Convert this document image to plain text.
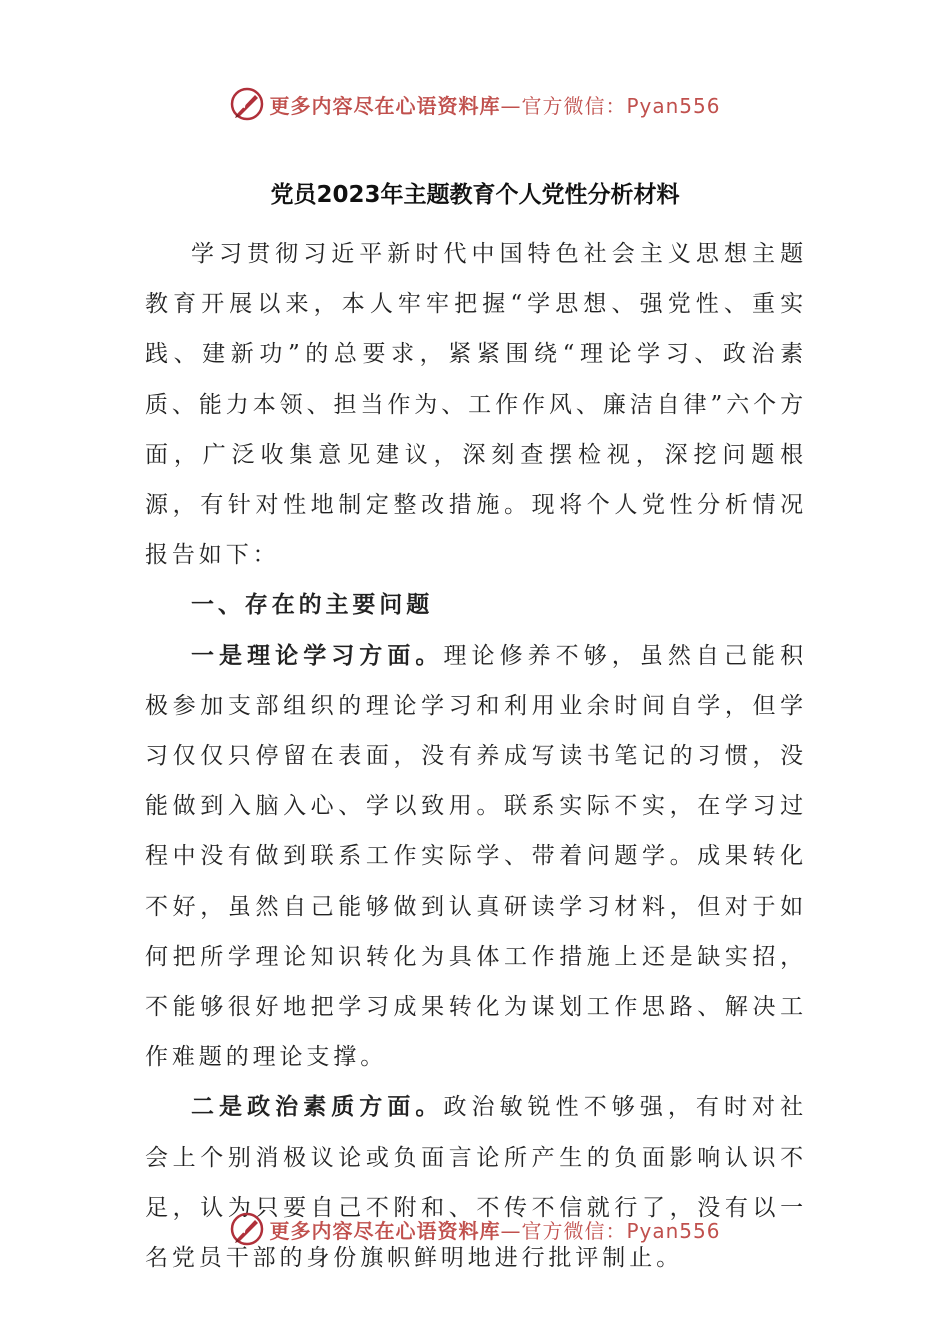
更多内容尽在心语资料库—官方微信：Pyan556
党员2023年主题教育个人党性分析材料

学习贯彻习近平新时代中国特色社会主义思想主题教育开展以来，本人牢牢把握“学思想、强党性、重实践、建新功”的总要求，紧紧围绕“理论学习、政治素质、能力本领、担当作为、工作作风、廉洁自律”六个方面，广泛收集意见建议，深刻查摆检视，深挖问题根源，有针对性地制定整改措施。现将个人党性分析情况报告如下：

一、存在的主要问题

一是理论学习方面。理论修养不够，虽然自己能积极参加支部组织的理论学习和利用业余时间自学，但学习仅仅只停留在表面，没有养成写读书笔记的习惯，没能做到入脑入心、学以致用。联系实际不实，在学习过程中没有做到联系工作实际学、带着问题学。成果转化不好，虽然自己能够做到认真研读学习材料，但对于如何把所学理论知识转化为具体工作措施上还是缺实招，不能够很好地把学习成果转化为谋划工作思路、解决工作难题的理论支撑。

二是政治素质方面。政治敏锐性不够强，有时对社会上个别消极议论或负面言论所产生的负面影响认识不足，认为只要自己不附和、不传不信就行了，没有以一名党员干部的身份旗帜鲜明地进行批评制止。

更多内容尽在心语资料库—官方微信：Pyan556
